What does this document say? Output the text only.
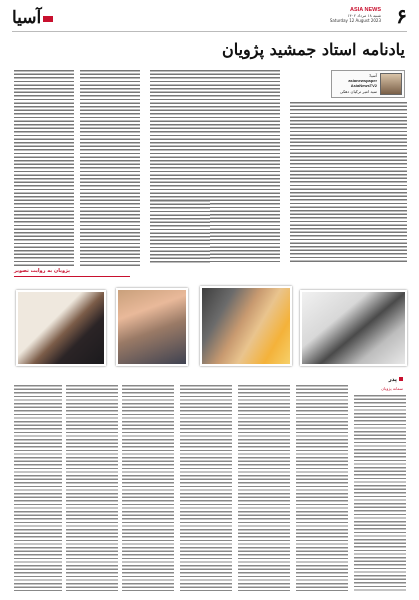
آسیا	ASIA NEWS
شنبه ۱۸ مرداد ۱۴۰۲
Saturday 12 August 2023 ۶
یادنامه استاد جمشید پژویان
آسیا:
asianewspaper
AsiaNewsTV2
سید امیر ترکیان دهکی
پژویان به روایت تصویر
پدر
سمانه پژویان
